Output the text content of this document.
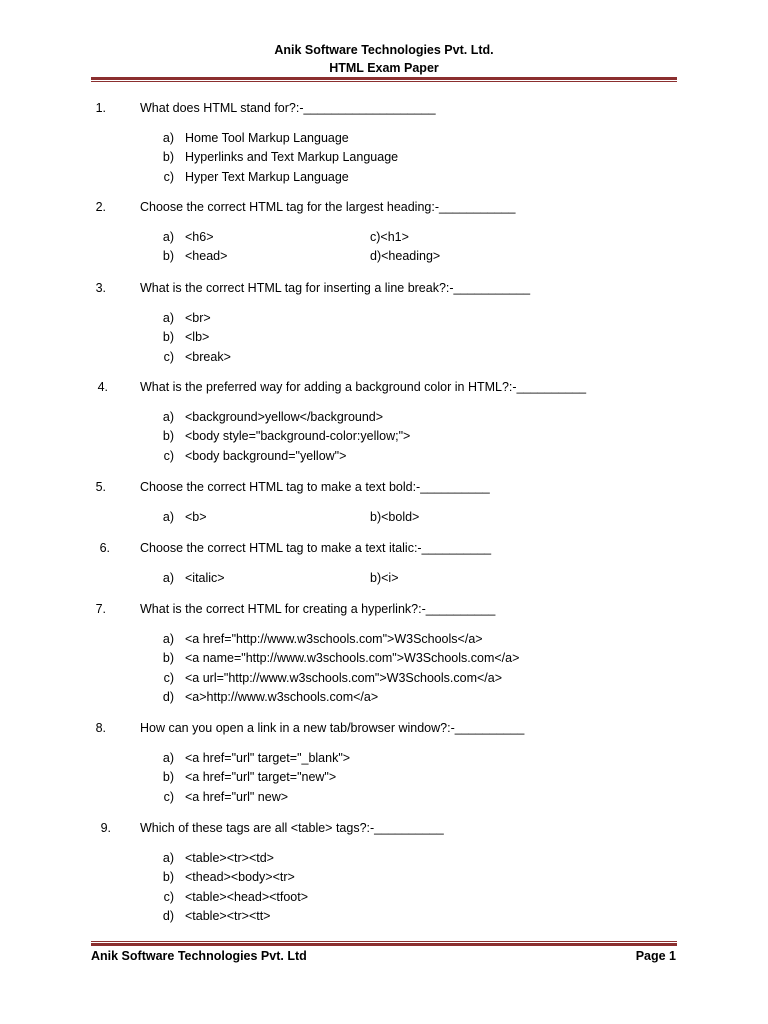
Anik Software Technologies Pvt. Ltd.
HTML Exam Paper
1.	What does HTML stand for?:-___________________
a) Home Tool Markup Language
b) Hyperlinks and Text Markup Language
c) Hyper Text Markup Language
2.	Choose the correct HTML tag for the largest heading:-___________
a) <h6>	c)<h1>
b) <head>	d)<heading>
3.	What is the correct HTML tag for inserting a line break?:-___________
a) <br>
b) <lb>
c) <break>
4.	What is the preferred way for adding a background color in HTML?:-__________
a) <background>yellow</background>
b) <body style="background-color:yellow;">
c) <body background="yellow">
5.	Choose the correct HTML tag to make a text bold:-__________
a) <b>	b)<bold>
6. Choose the correct HTML tag to make a text italic:-__________
a) <italic>	b)<i>
7.	What is the correct HTML for creating a hyperlink?:-__________
a) <a href="http://www.w3schools.com">W3Schools</a>
b) <a name="http://www.w3schools.com">W3Schools.com</a>
c) <a url="http://www.w3schools.com">W3Schools.com</a>
d) <a>http://www.w3schools.com</a>
8.	How can you open a link in a new tab/browser window?:-__________
a) <a href="url" target="_blank">
b) <a href="url" target="new">
c) <a href="url" new>
9. Which of these tags are all <table> tags?:-__________
a) <table><tr><td>
b) <thead><body><tr>
c) <table><head><tfoot>
d) <table><tr><tt>
Anik Software Technologies Pvt. Ltd	Page 1
